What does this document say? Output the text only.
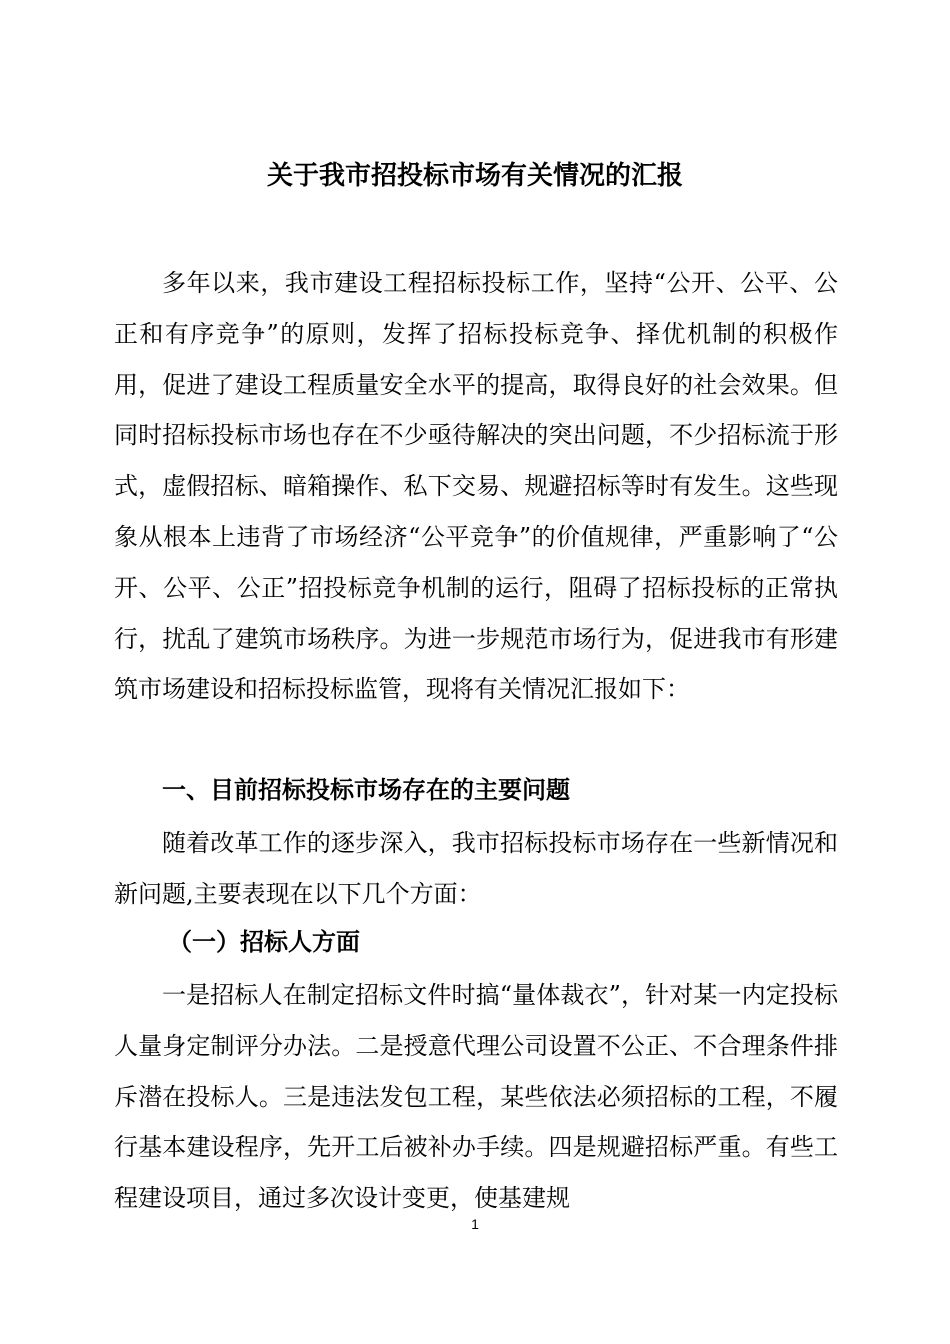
关于我市招投标市场有关情况的汇报

多年以来，我市建设工程招标投标工作，坚持“公开、公平、公正和有序竞争”的原则，发挥了招标投标竞争、择优机制的积极作用，促进了建设工程质量安全水平的提高，取得良好的社会效果。但同时招标投标市场也存在不少亟待解决的突出问题，不少招标流于形式，虚假招标、暗箱操作、私下交易、规避招标等时有发生。这些现象从根本上违背了市场经济“公平竞争”的价值规律，严重影响了“公开、公平、公正”招投标竞争机制的运行，阻碍了招标投标的正常执行，扰乱了建筑市场秩序。为进一步规范市场行为，促进我市有形建筑市场建设和招标投标监管，现将有关情况汇报如下：

一、目前招标投标市场存在的主要问题

随着改革工作的逐步深入，我市招标投标市场存在一些新情况和新问题,主要表现在以下几个方面：

（一）招标人方面

一是招标人在制定招标文件时搞“量体裁衣”，针对某一内定投标人量身定制评分办法。二是授意代理公司设置不公正、不合理条件排斥潜在投标人。三是违法发包工程，某些依法必须招标的工程，不履行基本建设程序，先开工后被补办手续。四是规避招标严重。有些工程建设项目，通过多次设计变更，使基建规

1
